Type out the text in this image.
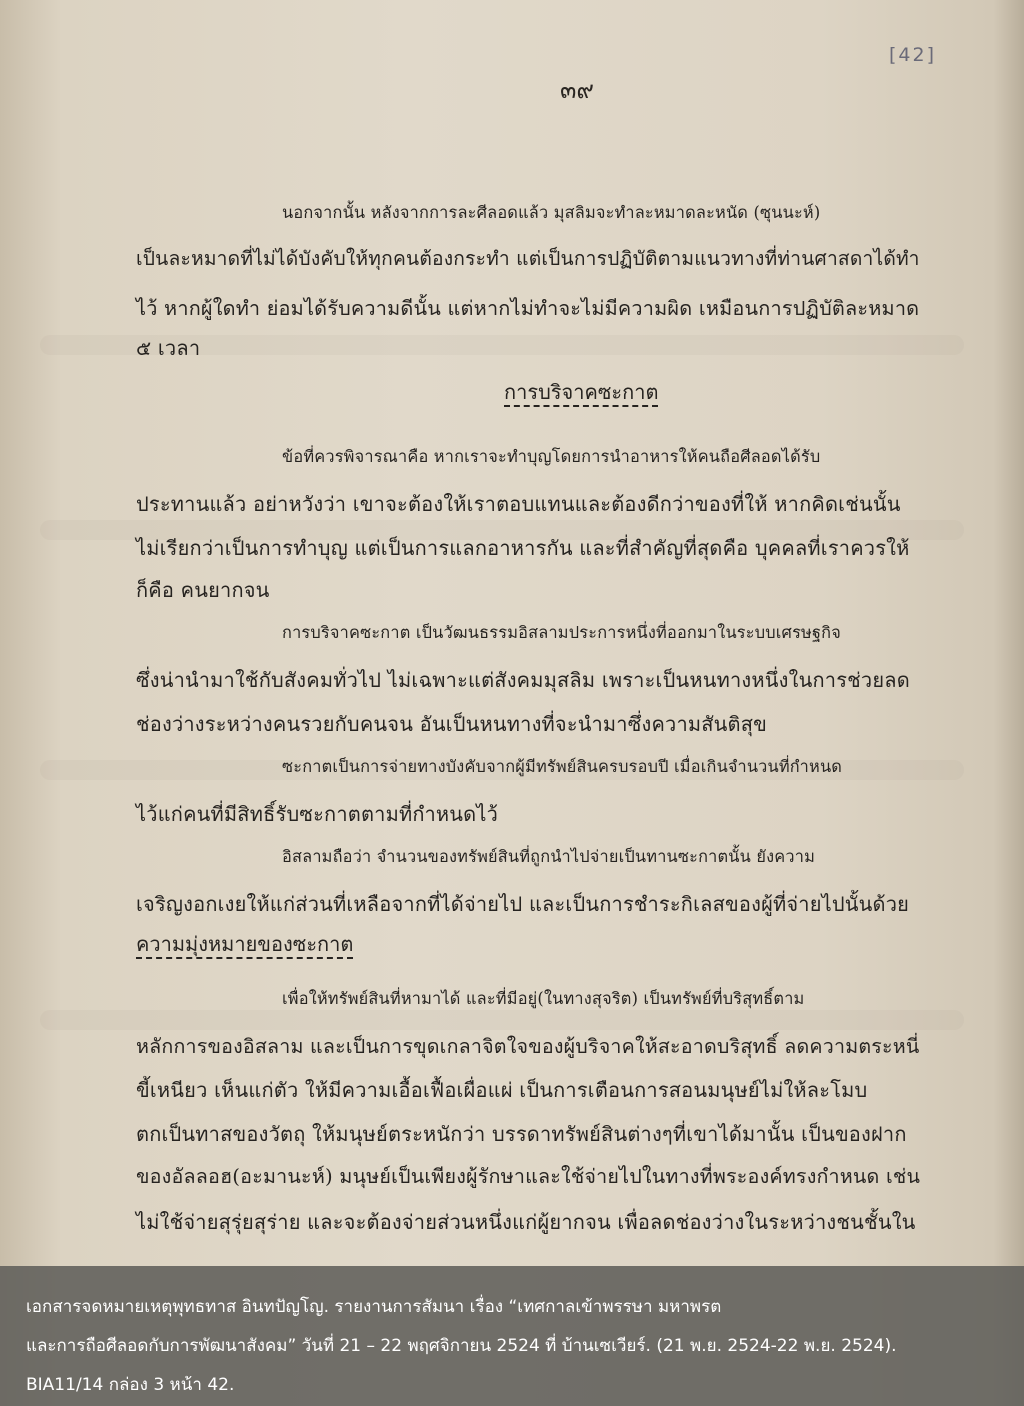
[42]
๓๙
นอกจากนั้น หลังจากการละศีลอดแล้ว มุสลิมจะทำละหมาดละหนัด (ซุนนะห์)
เป็นละหมาดที่ไม่ได้บังคับให้ทุกคนต้องกระทำ แต่เป็นการปฏิบัติตามแนวทางที่ท่านศาสดาได้ทำ
ไว้ หากผู้ใดทำ ย่อมได้รับความดีนั้น แต่หากไม่ทำจะไม่มีความผิด เหมือนการปฏิบัติละหมาด
๕ เวลา
การบริจาคซะกาต
ข้อที่ควรพิจารณาคือ หากเราจะทำบุญโดยการนำอาหารให้คนถือศีลอดได้รับ
ประทานแล้ว อย่าหวังว่า เขาจะต้องให้เราตอบแทนและต้องดีกว่าของที่ให้ หากคิดเช่นนั้น
ไม่เรียกว่าเป็นการทำบุญ แต่เป็นการแลกอาหารกัน และที่สำคัญที่สุดคือ บุคคลที่เราควรให้
ก็คือ คนยากจน
การบริจาคซะกาต เป็นวัฒนธรรมอิสลามประการหนึ่งที่ออกมาในระบบเศรษฐกิจ
ซึ่งน่านำมาใช้กับสังคมทั่วไป ไม่เฉพาะแต่สังคมมุสลิม เพราะเป็นหนทางหนึ่งในการช่วยลด
ช่องว่างระหว่างคนรวยกับคนจน อันเป็นหนทางที่จะนำมาซึ่งความสันติสุข
ซะกาตเป็นการจ่ายทางบังคับจากผู้มีทรัพย์สินครบรอบปี เมื่อเกินจำนวนที่กำหนด
ไว้แก่คนที่มีสิทธิ์รับซะกาตตามที่กำหนดไว้
อิสลามถือว่า จำนวนของทรัพย์สินที่ถูกนำไปจ่ายเป็นทานซะกาตนั้น ยังความ
เจริญงอกเงยให้แก่ส่วนที่เหลือจากที่ได้จ่ายไป และเป็นการชำระกิเลสของผู้ที่จ่ายไปนั้นด้วย
ความมุ่งหมายของซะกาต
เพื่อให้ทรัพย์สินที่หามาได้ และที่มีอยู่(ในทางสุจริต) เป็นทรัพย์ที่บริสุทธิ์ตาม
หลักการของอิสลาม และเป็นการขุดเกลาจิตใจของผู้บริจาคให้สะอาดบริสุทธิ์ ลดความตระหนี่
ขี้เหนียว เห็นแก่ตัว ให้มีความเอื้อเฟื้อเผื่อแผ่ เป็นการเตือนการสอนมนุษย์ไม่ให้ละโมบ
ตกเป็นทาสของวัตถุ ให้มนุษย์ตระหนักว่า บรรดาทรัพย์สินต่างๆที่เขาได้มานั้น เป็นของฝาก
ของอัลลอฮ(อะมานะห์) มนุษย์เป็นเพียงผู้รักษาและใช้จ่ายไปในทางที่พระองค์ทรงกำหนด เช่น
ไม่ใช้จ่ายสุรุ่ยสุร่าย และจะต้องจ่ายส่วนหนึ่งแก่ผู้ยากจน เพื่อลดช่องว่างในระหว่างชนชั้นใน
เอกสารจดหมายเหตุพุทธทาส อินทปัญโญ. รายงานการสัมนา เรื่อง “เทศกาลเข้าพรรษา มหาพรต
และการถือศีลอดกับการพัฒนาสังคม” วันที่ 21 – 22 พฤศจิกายน 2524 ที่ บ้านเซเวียร์. (21 พ.ย. 2524-22 พ.ย. 2524).
BIA11/14 กล่อง 3 หน้า 42.
